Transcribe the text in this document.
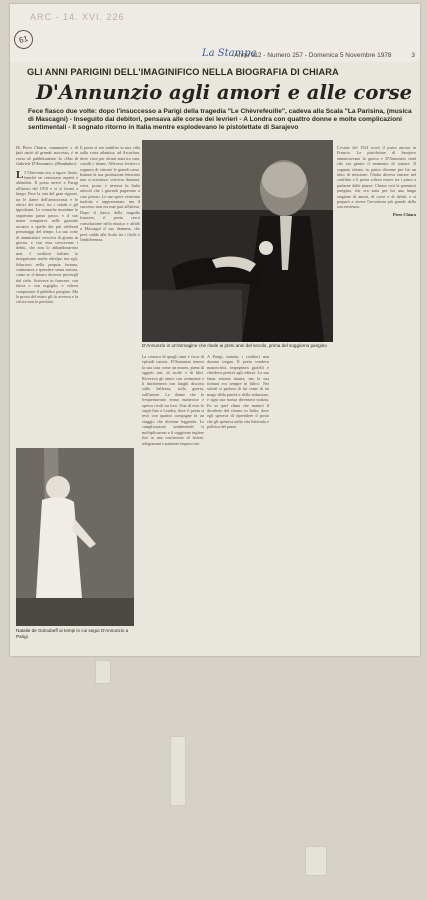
ARC - 14. XVI. 226
61
La Stampa
Anno 112 - Numero 257 - Domenica 5 Novembre 1978	3
GLI ANNI PARIGINI DELL'IMAGINIFICO NELLA BIOGRAFIA DI CHIARA
D'Annunzio agli amori e alle corse
Fece fiasco due volte: dopo l'insuccesso a Parigi della tragedia "Le Chèvrefeuille", cadeva alla Scala "La Parisina, (musica di Mascagni) - Inseguito dai debitori, pensava alle corse dei levrieri - A Londra con quattro donne e molte complicazioni sentimentali - Il sognato ritorno in Italia mentre esplodevano le pistolettate di Sarajevo
Di Piero Chiara, romanziere e di fatti usciti di grande successo, è in corso di pubblicazione la «Vita di Gabriele D'Annunzio» (Mondadori).
L L'Ottocento era, a rigore, finito, benché ne restassero aspetti e abitudini. Il poeta arrivò a Parigi all'inizio del 1910 e vi si fermò a lungo. Fece la vita del gran signore, tra le dame dell'aristocrazia e le attrici dei teatri, tra i salotti e gli ippodromi. Le cronache mondane lo seguivano passo passo, e il suo nome compariva nelle gazzette accanto a quello dei più celebrati personaggi del tempo. La sua corte di ammiratrici cresceva di giorno in giorno, e con essa crescevano i debiti, che non lo abbandonarono mai. I creditori italiani lo inseguivano anche oltralpe, ma egli, fiducioso nella propria fortuna, continuava a spendere senza misura, come se il denaro dovesse piovergli dal cielo. Scriveva in francese, con fatica e con orgoglio, e voleva conquistare il pubblico parigino. Ma la prova del teatro gli fu avversa e la critica non lo perdonò.
Il poeta si era stabilito in una villa sulla costa atlantica, ad Arcachon, dove visse per alcuni anni tra cani, cavalli e donne. Allevava levrieri e sognava di vincere le grandi corse. Intanto la sua produzione letteraria non si arrestava: scriveva drammi, versi, prose, e inviava in Italia articoli che i giornali pagavano a caro prezzo. Le sue opere venivano tradotte e rappresentate, ma il successo non era mai pari all'attesa. Dopo il fiasco della tragedia francese, il poeta cercò consolazione nella musica e affidò a Mascagni il suo dramma, che però cadde alla Scala tra i fischi e l'indifferenza.
D'Annunzio in un'immagine che risale ai primi anni del secolo, prima del soggiorno parigino
La cronaca di quegli anni è ricca di episodi curiosi. D'Annunzio teneva la sua casa come un museo, piena di oggetti rari, di stoffe e di libri. Riceveva gli amici con cerimonia e li intratteneva con lunghi discorsi sulla bellezza, sulla guerra, sull'amore. Le donne che lo frequentavano erano numerose e spesso rivali tra loro. Una di esse lo seguì fino a Londra, dove il poeta si recò con quattro compagne in un viaggio che divenne leggenda. Le complicazioni sentimentali si moltiplicarono e il soggiorno inglese finì in una confusione di lettere, telegrammi e partenze improvvise.
A Parigi, intanto, i creditori non davano tregua. Il poeta vendeva manoscritti, impegnava gioielli e chiedeva prestiti agli editori. La sua fama restava intatta, ma la sua fortuna era sempre in bilico. Nei salotti si parlava di lui come di un mago della parola e della seduzione, e ogni sua mossa diventava notizia. Fu in quel clima che maturò il desiderio del ritorno in Italia, dove egli sperava di riprendere il posto che gli spettava nella vita letteraria e politica del paese.
L'estate del 1914 trovò il poeta ancora in Francia. Le pistolettate di Sarajevo annunciavano la guerra e D'Annunzio sentì che era giunto il momento di tornare. Il sognato ritorno in patria divenne per lui un fatto di missione: l'Italia doveva entrare nel conflitto e il poeta voleva essere tra i primi a parlarne dalle piazze. Chiuse così la parentesi parigina, che era stata per lui una lunga stagione di amori, di corse e di debiti, e si preparò a vivere l'avventura più grande della sua esistenza.
Piero Chiara
Natalie de Goloubeff ai tempi in cui seguì D'Annunzio a Parigi
